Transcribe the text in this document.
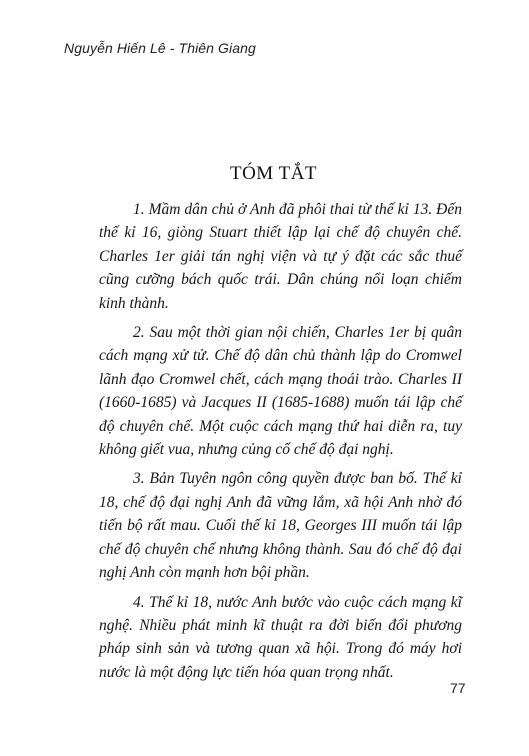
Nguyễn Hiến Lê - Thiên Giang
TÓM TẮT

1. Mầm dân chủ ở Anh đã phôi thai từ thế kỉ 13. Đến thế kỉ 16, giòng Stuart thiết lập lại chế độ chuyên chế. Charles 1er giải tán nghị viện và tự ý đặt các sắc thuế cũng cưỡng bách quốc trái. Dân chúng nổi loạn chiếm kinh thành.

2. Sau một thời gian nội chiến, Charles 1er bị quân cách mạng xử tử. Chế độ dân chủ thành lập do Cromwel lãnh đạo Cromwel chết, cách mạng thoái trào. Charles II (1660-1685) và Jacques II (1685-1688) muốn tái lập chế độ chuyên chế. Một cuộc cách mạng thứ hai diễn ra, tuy không giết vua, nhưng củng cố chế độ đại nghị.

3. Bản Tuyên ngôn công quyền được ban bố. Thế kỉ 18, chế độ đại nghị Anh đã vững lắm, xã hội Anh nhờ đó tiến bộ rất mau. Cuối thế kỉ 18, Georges III muốn tái lập chế độ chuyên chế nhưng không thành. Sau đó chế độ đại nghị Anh còn mạnh hơn bội phần.

4. Thế kỉ 18, nước Anh bước vào cuộc cách mạng kĩ nghệ. Nhiều phát minh kĩ thuật ra đời biến đổi phương pháp sinh sản và tương quan xã hội. Trong đó máy hơi nước là một động lực tiến hóa quan trọng nhất.

77
